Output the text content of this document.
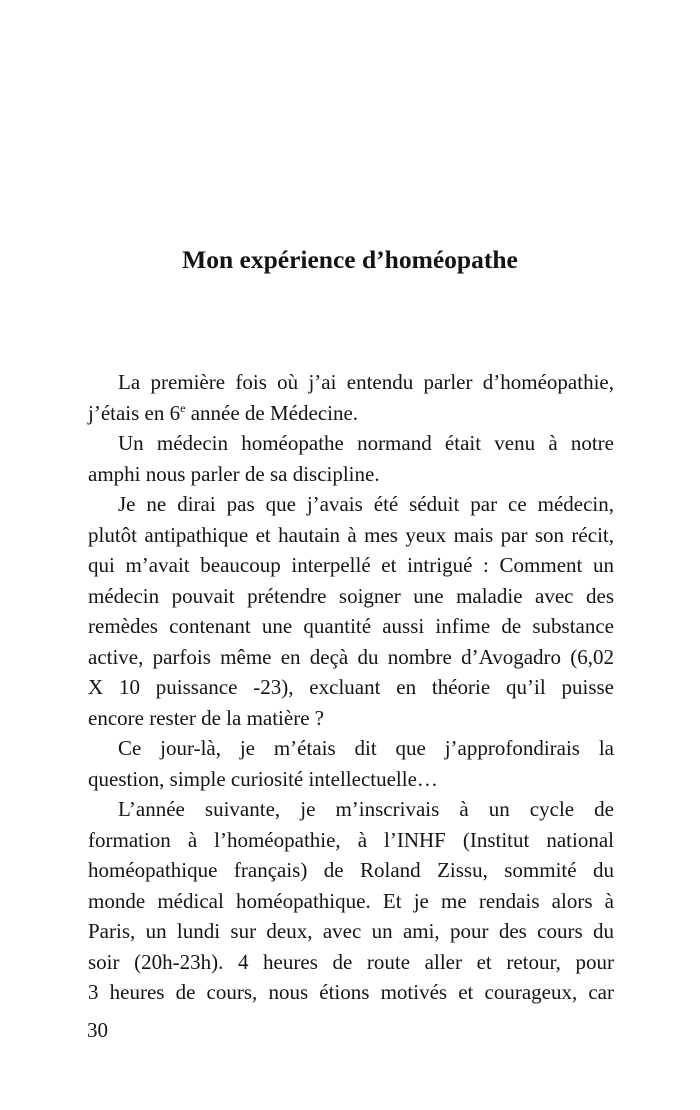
Mon expérience d’homéopathe
La première fois où j’ai entendu parler d’homéopathie,
j’étais en 6e année de Médecine.
Un médecin homéopathe normand était venu à notre
amphi nous parler de sa discipline.
Je ne dirai pas que j’avais été séduit par ce médecin,
plutôt antipathique et hautain à mes yeux mais par son récit,
qui m’avait beaucoup interpellé et intrigué : Comment un
médecin pouvait prétendre soigner une maladie avec des
remèdes contenant une quantité aussi infime de substance
active, parfois même en deçà du nombre d’Avogadro (6,02
X 10 puissance -23), excluant en théorie qu’il puisse
encore rester de la matière ?
Ce jour-là, je m’étais dit que j’approfondirais la
question, simple curiosité intellectuelle…
L’année suivante, je m’inscrivais à un cycle de
formation à l’homéopathie, à l’INHF (Institut national
homéopathique français) de Roland Zissu, sommité du
monde médical homéopathique. Et je me rendais alors à
Paris, un lundi sur deux, avec un ami, pour des cours du
soir (20h-23h). 4 heures de route aller et retour, pour
3 heures de cours, nous étions motivés et courageux, car

30
